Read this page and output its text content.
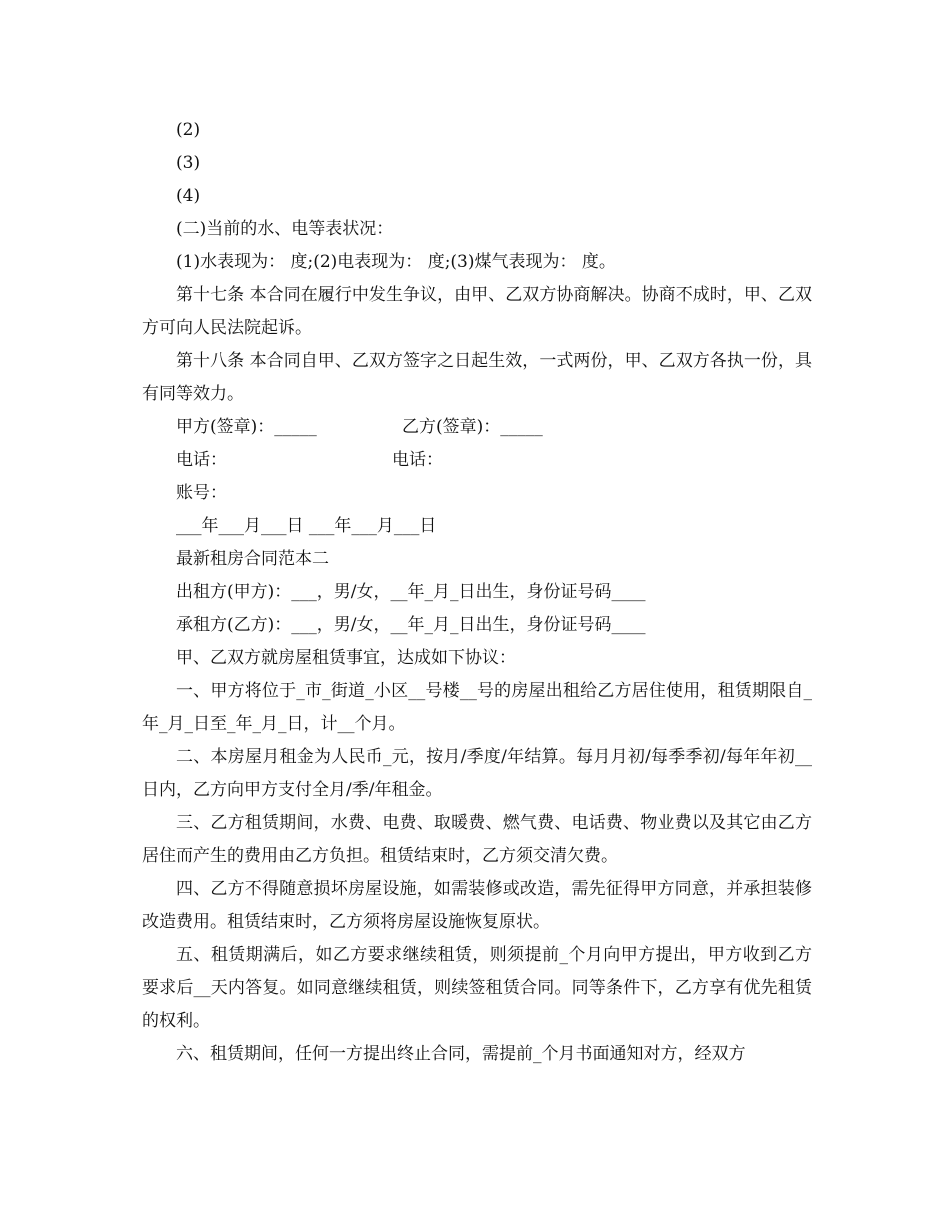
(2)
(3)
(4)
(二)当前的水、电等表状况：
(1)水表现为： 度;(2)电表现为： 度;(3)煤气表现为： 度。

第十七条 本合同在履行中发生争议，由甲、乙双方协商解决。协商不成时，甲、乙双方可向人民法院起诉。

第十八条 本合同自甲、乙双方签字之日起生效，一式两份，甲、乙双方各执一份，具有同等效力。

甲方(签章)：_____	乙方(签章)：_____
电话：	电话：
账号：
___年___月___日 ___年___月___日
最新租房合同范本二
出租方(甲方)：___，男/女，__年_月_日出生，身份证号码____
承租方(乙方)：___，男/女，__年_月_日出生，身份证号码____
甲、乙双方就房屋租赁事宜，达成如下协议：

一、甲方将位于_市_街道_小区__号楼__号的房屋出租给乙方居住使用，租赁期限自_年_月_日至_年_月_日，计__个月。

二、本房屋月租金为人民币_元，按月/季度/年结算。每月月初/每季季初/每年年初__日内，乙方向甲方支付全月/季/年租金。

三、乙方租赁期间，水费、电费、取暖费、燃气费、电话费、物业费以及其它由乙方居住而产生的费用由乙方负担。租赁结束时，乙方须交清欠费。

四、乙方不得随意损坏房屋设施，如需装修或改造，需先征得甲方同意，并承担装修改造费用。租赁结束时，乙方须将房屋设施恢复原状。

五、租赁期满后，如乙方要求继续租赁，则须提前_个月向甲方提出，甲方收到乙方要求后__天内答复。如同意继续租赁，则续签租赁合同。同等条件下，乙方享有优先租赁的权利。

六、租赁期间，任何一方提出终止合同，需提前_个月书面通知对方，经双方
